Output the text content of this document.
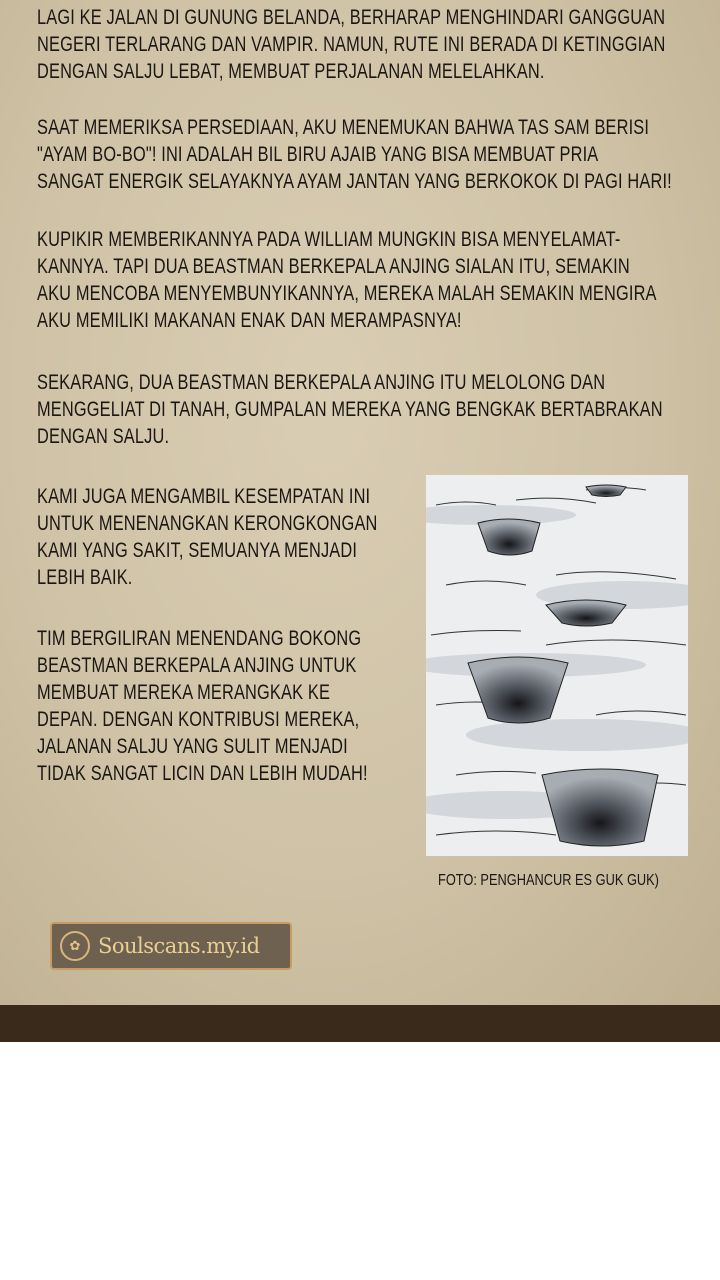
LAGI KE JALAN DI GUNUNG BELANDA, BERHARAP MENGHINDARI GANGGUAN
NEGERI TERLARANG DAN VAMPIR. NAMUN, RUTE INI BERADA DI KETINGGIAN
DENGAN SALJU LEBAT, MEMBUAT PERJALANAN MELELAHKAN.
SAAT MEMERIKSA PERSEDIAAN, AKU MENEMUKAN BAHWA TAS SAM BERISI
"AYAM BO-BO"! INI ADALAH BIL BIRU AJAIB YANG BISA MEMBUAT PRIA
SANGAT ENERGIK SELAYAKNYA AYAM JANTAN YANG BERKOKOK DI PAGI HARI!
KUPIKIR MEMBERIKANNYA PADA WILLIAM MUNGKIN BISA MENYELAMAT-
KANNYA. TAPI DUA BEASTMAN BERKEPALA ANJING SIALAN ITU, SEMAKIN
AKU MENCOBA MENYEMBUNYIKANNYA, MEREKA MALAH SEMAKIN MENGIRA
AKU MEMILIKI MAKANAN ENAK DAN MERAMPASNYA!
SEKARANG, DUA BEASTMAN BERKEPALA ANJING ITU MELOLONG DAN
MENGGELIAT DI TANAH, GUMPALAN MEREKA YANG BENGKAK BERTABRAKAN
DENGAN SALJU.
KAMI JUGA MENGAMBIL KESEMPATAN INI
UNTUK MENENANGKAN KERONGKONGAN
KAMI YANG SAKIT, SEMUANYA MENJADI
LEBIH BAIK.
TIM BERGILIRAN MENENDANG BOKONG
BEASTMAN BERKEPALA ANJING UNTUK
MEMBUAT MEREKA MERANGKAK KE
DEPAN. DENGAN KONTRIBUSI MEREKA,
JALANAN SALJU YANG SULIT MENJADI
TIDAK SANGAT LICIN DAN LEBIH MUDAH!
FOTO: PENGHANCUR ES GUK GUK)
✿ Soulscans.my.id
